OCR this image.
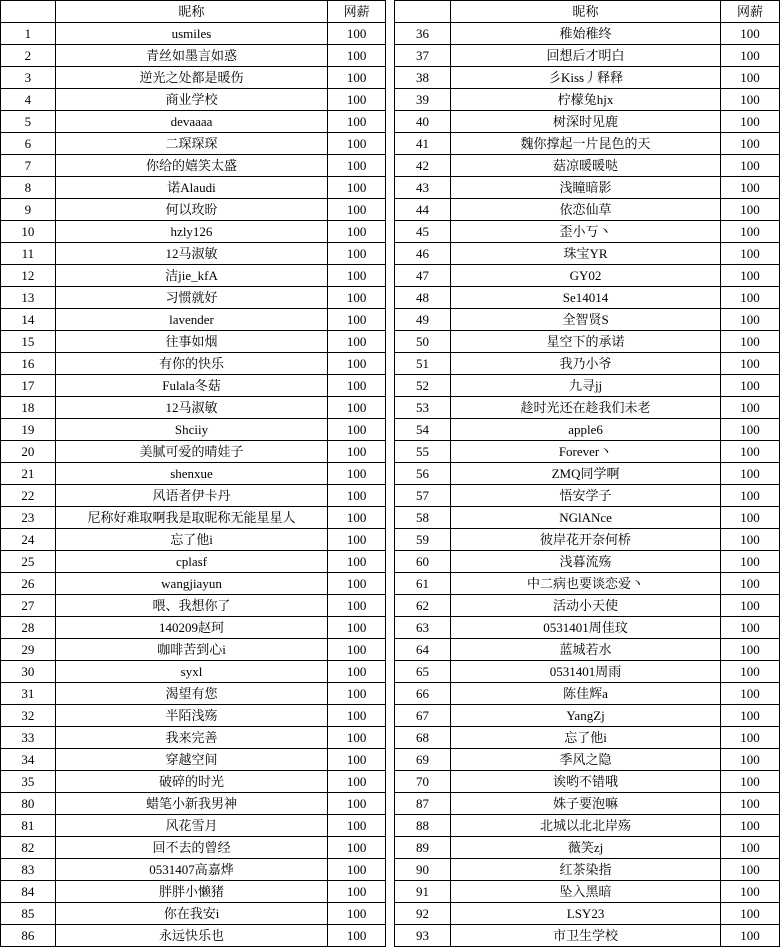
	昵称	网薪
1	usmiles	100
2	青丝如墨言如惑	100
3	逆光之处都是暖伤	100
4	商业学校	100
5	devaaaa	100
6	二琛琛琛	100
7	你给的嬉笑太盛	100
8	诺Alaudi	100
9	何以玫昐	100
10	hzly126	100
11	12马淑敏	100
12	洁jie_kfA	100
13	习惯就好	100
14	lavender	100
15	往事如烟	100
16	有你的快乐	100
17	Fulala冬菇	100
18	12马淑敏	100
19	Shciiy	100
20	美腻可爱的晴娃子	100
21	shenxue	100
22	风语者伊卡丹	100
23	尼称好难取啊我是取昵称无能星星人	100
24	忘了他i	100
25	cplasf	100
26	wangjiayun	100
27	喂、我想你了	100
28	140209赵珂	100
29	咖啡苦到心i	100
30	syxl	100
31	渴望有您	100
32	半陌浅殇	100
33	我来完善	100
34	穿越空间	100
35	破碎的时光	100
80	蜡笔小新我男神	100
81	风花雪月	100
82	回不去的曾经	100
83	0531407高嘉烨	100
84	胖胖小懒猪	100
85	你在我安i	100
86	永远快乐也	100
	昵称	网薪
36	稚始稚终	100
37	回想后才明白	100
38	彡Kiss丿释释	100
39	柠檬兔hjx	100
40	树深时见鹿	100
41	魏你撑起一片昆色的天	100
42	菇凉暖暖哒	100
43	浅瞳暗影	100
44	依恋仙草	100
45	歪小丂丶	100
46	珠宝YR	100
47	GY02	100
48	Se14014	100
49	全智贤S	100
50	星空下的承诺	100
51	我乃小爷	100
52	九寻jj	100
53	趁时光还在趁我们未老	100
54	apple6	100
55	Forever丶	100
56	ZMQ同学啊	100
57	悟安学子	100
58	NGlANce	100
59	彼岸花开奈何桥	100
60	浅暮流殇	100
61	中二病也要谈恋爱丶	100
62	活动小天使	100
63	0531401周佳玟	100
64	蓝城若水	100
65	0531401周雨	100
66	陈佳辉a	100
67	YangZj	100
68	忘了他i	100
69	季风之隐	100
70	诶哟不错哦	100
87	姝子要泡嘛	100
88	北城以北北岸殇	100
89	薇笑zj	100
90	红茶染指	100
91	坠入黑暗	100
92	LSY23	100
93	市卫生学校	100
